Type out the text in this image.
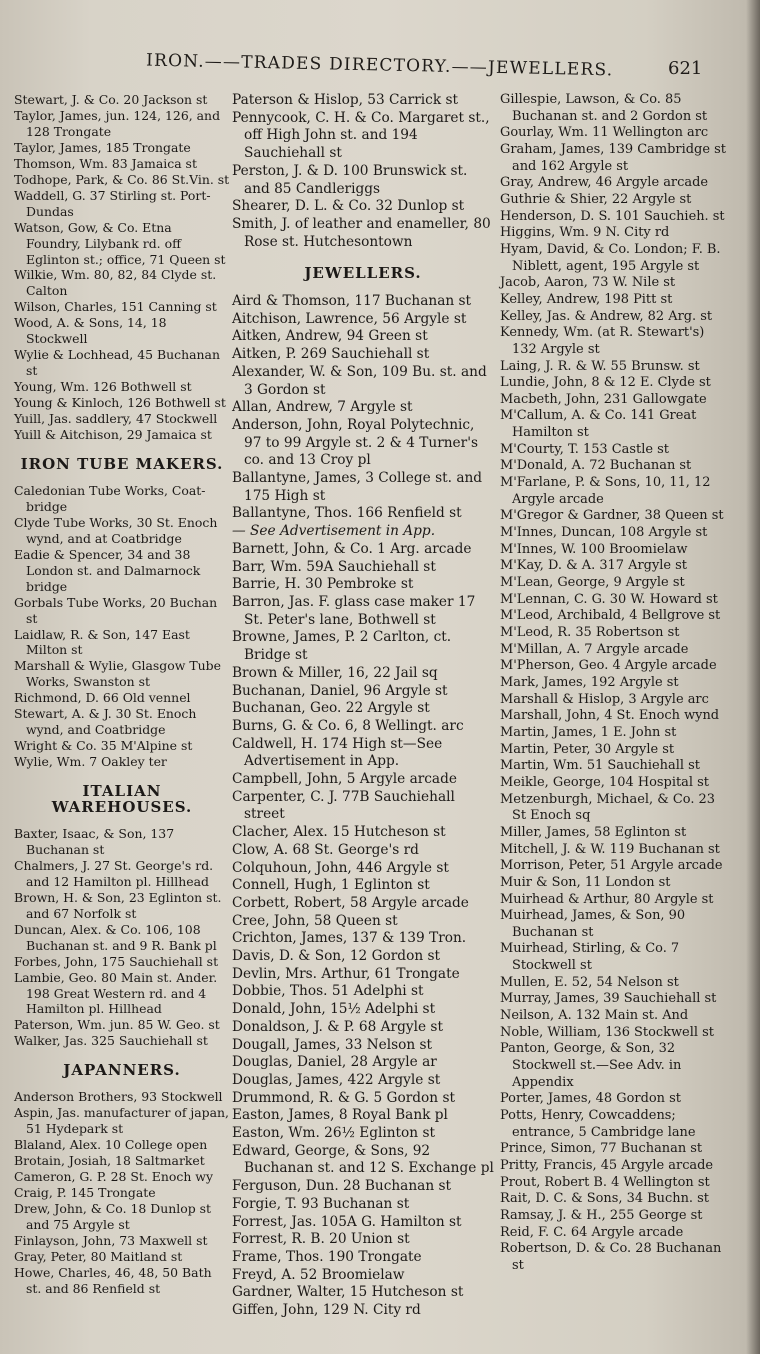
IRON.——TRADES DIRECTORY.——JEWELLERS.	621
Stewart, J. & Co. 20 Jackson st
Taylor, James, jun. 124, 126, and 128 Trongate
Taylor, James, 185 Trongate
Thomson, Wm. 83 Jamaica st
Todhope, Park, & Co. 86 St.Vin. st
Waddell, G. 37 Stirling st. Port-Dundas
Watson, Gow, & Co. Etna Foundry, Lilybank rd. off Eglinton st.; office, 71 Queen st
Wilkie, Wm. 80, 82, 84 Clyde st. Calton
Wilson, Charles, 151 Canning st
Wood, A. & Sons, 14, 18 Stockwell
Wylie & Lochhead, 45 Buchanan st
Young, Wm. 126 Bothwell st
Young & Kinloch, 126 Bothwell st
Yuill, Jas. saddlery, 47 Stockwell
Yuill & Aitchison, 29 Jamaica st
IRON TUBE MAKERS.
Caledonian Tube Works, Coat-bridge
Clyde Tube Works, 30 St. Enoch wynd, and at Coatbridge
Eadie & Spencer, 34 and 38 London st. and Dalmarnock bridge
Gorbals Tube Works, 20 Buchan st
Laidlaw, R. & Son, 147 East Milton st
Marshall & Wylie, Glasgow Tube Works, Swanston st
Richmond, D. 66 Old vennel
Stewart, A. & J. 30 St. Enoch wynd, and Coatbridge
Wright & Co. 35 M'Alpine st
Wylie, Wm. 7 Oakley ter
ITALIAN WAREHOUSES.
Baxter, Isaac, & Son, 137 Buchanan st
Chalmers, J. 27 St. George's rd. and 12 Hamilton pl. Hillhead
Brown, H. & Son, 23 Eglinton st. and 67 Norfolk st
Duncan, Alex. & Co. 106, 108 Buchanan st. and 9 R. Bank pl
Forbes, John, 175 Sauchiehall st
Lambie, Geo. 80 Main st. Ander. 198 Great Western rd. and 4 Hamilton pl. Hillhead
Paterson, Wm. jun. 85 W. Geo. st
Walker, Jas. 325 Sauchiehall st
JAPANNERS.
Anderson Brothers, 93 Stockwell
Aspin, Jas. manufacturer of japan, 51 Hydepark st
Blaland, Alex. 10 College open
Brotain, Josiah, 18 Saltmarket
Cameron, G. P. 28 St. Enoch wy
Craig, P. 145 Trongate
Drew, John, & Co. 18 Dunlop st and 75 Argyle st
Finlayson, John, 73 Maxwell st
Gray, Peter, 80 Maitland st
Howe, Charles, 46, 48, 50 Bath st. and 86 Renfield st
Paterson & Hislop, 53 Carrick st
Pennycook, C. H. & Co. Margaret st., off High John st. and 194 Sauchiehall st
Perston, J. & D. 100 Brunswick st. and 85 Candleriggs
Shearer, D. L. & Co. 32 Dunlop st
Smith, J. of leather and enameller, 80 Rose st. Hutchesontown
JEWELLERS.
Aird & Thomson, 117 Buchanan st
Aitchison, Lawrence, 56 Argyle st
Aitken, Andrew, 94 Green st
Aitken, P. 269 Sauchiehall st
Alexander, W. & Son, 109 Bu. st. and 3 Gordon st
Allan, Andrew, 7 Argyle st
Anderson, John, Royal Polytechnic, 97 to 99 Argyle st. 2 & 4 Turner's co. and 13 Croy pl
Ballantyne, James, 3 College st. and 175 High st
Ballantyne, Thos. 166 Renfield st
— See Advertisement in App.
Barnett, John, & Co. 1 Arg. arcade
Barr, Wm. 59A Sauchiehall st
Barrie, H. 30 Pembroke st
Barron, Jas. F. glass case maker 17 St. Peter's lane, Bothwell st
Browne, James, P. 2 Carlton, ct. Bridge st
Brown & Miller, 16, 22 Jail sq
Buchanan, Daniel, 96 Argyle st
Buchanan, Geo. 22 Argyle st
Burns, G. & Co. 6, 8 Wellingt. arc
Caldwell, H. 174 High st—See Advertisement in App.
Campbell, John, 5 Argyle arcade
Carpenter, C. J. 77B Sauchiehall street
Clacher, Alex. 15 Hutcheson st
Clow, A. 68 St. George's rd
Colquhoun, John, 446 Argyle st
Connell, Hugh, 1 Eglinton st
Corbett, Robert, 58 Argyle arcade
Cree, John, 58 Queen st
Crichton, James, 137 & 139 Tron.
Davis, D. & Son, 12 Gordon st
Devlin, Mrs. Arthur, 61 Trongate
Dobbie, Thos. 51 Adelphi st
Donald, John, 15½ Adelphi st
Donaldson, J. & P. 68 Argyle st
Dougall, James, 33 Nelson st
Douglas, Daniel, 28 Argyle ar
Douglas, James, 422 Argyle st
Drummond, R. & G. 5 Gordon st
Easton, James, 8 Royal Bank pl
Easton, Wm. 26½ Eglinton st
Edward, George, & Sons, 92 Buchanan st. and 12 S. Exchange pl
Ferguson, Dun. 28 Buchanan st
Forgie, T. 93 Buchanan st
Forrest, Jas. 105A G. Hamilton st
Forrest, R. B. 20 Union st
Frame, Thos. 190 Trongate
Freyd, A. 52 Broomielaw
Gardner, Walter, 15 Hutcheson st
Giffen, John, 129 N. City rd
Gillespie, Lawson, & Co. 85 Buchanan st. and 2 Gordon st
Gourlay, Wm. 11 Wellington arc
Graham, James, 139 Cambridge st and 162 Argyle st
Gray, Andrew, 46 Argyle arcade
Guthrie & Shier, 22 Argyle st
Henderson, D. S. 101 Sauchieh. st
Higgins, Wm. 9 N. City rd
Hyam, David, & Co. London; F. B. Niblett, agent, 195 Argyle st
Jacob, Aaron, 73 W. Nile st
Kelley, Andrew, 198 Pitt st
Kelley, Jas. & Andrew, 82 Arg. st
Kennedy, Wm. (at R. Stewart's) 132 Argyle st
Laing, J. R. & W. 55 Brunsw. st
Lundie, John, 8 & 12 E. Clyde st
Macbeth, John, 231 Gallowgate
M'Callum, A. & Co. 141 Great Hamilton st
M'Courty, T. 153 Castle st
M'Donald, A. 72 Buchanan st
M'Farlane, P. & Sons, 10, 11, 12 Argyle arcade
M'Gregor & Gardner, 38 Queen st
M'Innes, Duncan, 108 Argyle st
M'Innes, W. 100 Broomielaw
M'Kay, D. & A. 317 Argyle st
M'Lean, George, 9 Argyle st
M'Lennan, C. G. 30 W. Howard st
M'Leod, Archibald, 4 Bellgrove st
M'Leod, R. 35 Robertson st
M'Millan, A. 7 Argyle arcade
M'Pherson, Geo. 4 Argyle arcade
Mark, James, 192 Argyle st
Marshall & Hislop, 3 Argyle arc
Marshall, John, 4 St. Enoch wynd
Martin, James, 1 E. John st
Martin, Peter, 30 Argyle st
Martin, Wm. 51 Sauchiehall st
Meikle, George, 104 Hospital st
Metzenburgh, Michael, & Co. 23 St Enoch sq
Miller, James, 58 Eglinton st
Mitchell, J. & W. 119 Buchanan st
Morrison, Peter, 51 Argyle arcade
Muir & Son, 11 London st
Muirhead & Arthur, 80 Argyle st
Muirhead, James, & Son, 90 Buchanan st
Muirhead, Stirling, & Co. 7 Stockwell st
Mullen, E. 52, 54 Nelson st
Murray, James, 39 Sauchiehall st
Neilson, A. 132 Main st. And
Noble, William, 136 Stockwell st
Panton, George, & Son, 32 Stockwell st.—See Adv. in Appendix
Porter, James, 48 Gordon st
Potts, Henry, Cowcaddens; entrance, 5 Cambridge lane
Prince, Simon, 77 Buchanan st
Pritty, Francis, 45 Argyle arcade
Prout, Robert B. 4 Wellington st
Rait, D. C. & Sons, 34 Buchn. st
Ramsay, J. & H., 255 George st
Reid, F. C. 64 Argyle arcade
Robertson, D. & Co. 28 Buchanan st
